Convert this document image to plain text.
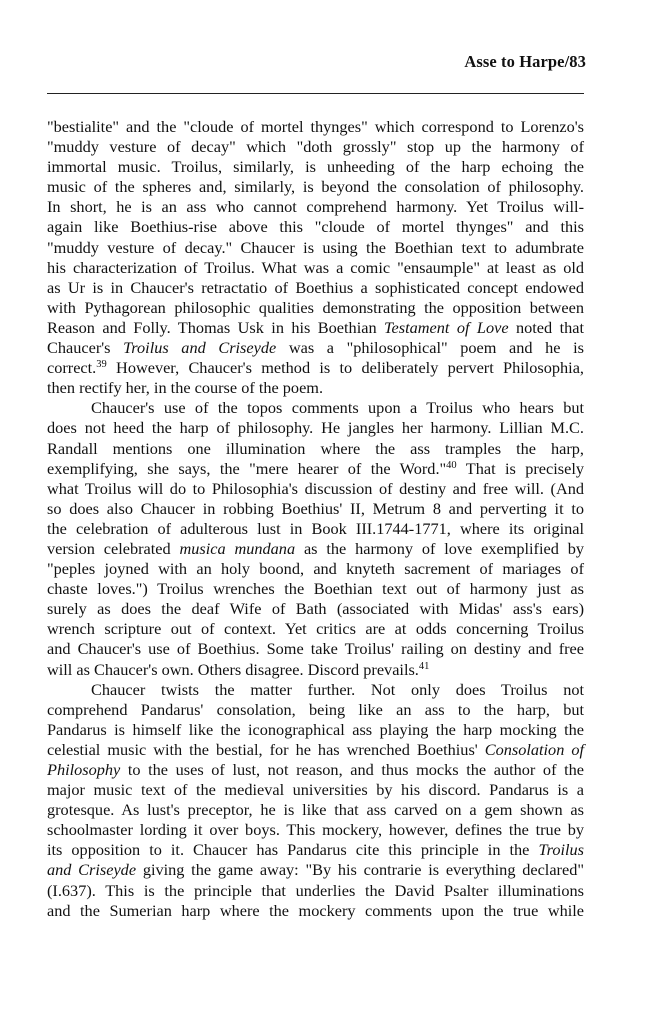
Asse to Harpe/83
"bestialite" and the "cloude of mortel thynges" which correspond to Lorenzo's
"muddy vesture of decay" which "doth grossly" stop up the harmony of
immortal music. Troilus, similarly, is unheeding of the harp echoing the
music of the spheres and, similarly, is beyond the consolation of philosophy.
In short, he is an ass who cannot comprehend harmony. Yet Troilus will-
again like Boethius-rise above this "cloude of mortel thynges" and this
"muddy vesture of decay." Chaucer is using the Boethian text to adumbrate
his characterization of Troilus. What was a comic "ensaumple" at least as old
as Ur is in Chaucer's retractatio of Boethius a sophisticated concept endowed
with Pythagorean philosophic qualities demonstrating the opposition between
Reason and Folly. Thomas Usk in his Boethian Testament of Love noted that
Chaucer's Troilus and Criseyde was a "philosophical" poem and he is
correct.$^{39}$ However, Chaucer's method is to deliberately pervert Philosophia,
then rectify her, in the course of the poem.
Chaucer's use of the topos comments upon a Troilus who hears but
does not heed the harp of philosophy. He jangles her harmony. Lillian M.C.
Randall mentions one illumination where the ass tramples the harp,
exemplifying, she says, the "mere hearer of the Word."$^{40}$ That is precisely
what Troilus will do to Philosophia's discussion of destiny and free will. (And
so does also Chaucer in robbing Boethius' II, Metrum 8 and perverting it to
the celebration of adulterous lust in Book III.1744-1771, where its original
version celebrated musica mundana as the harmony of love exemplified by
"peples joyned with an holy boond, and knyteth sacrement of mariages of
chaste loves.") Troilus wrenches the Boethian text out of harmony just as
surely as does the deaf Wife of Bath (associated with Midas' ass's ears)
wrench scripture out of context. Yet critics are at odds concerning Troilus
and Chaucer's use of Boethius. Some take Troilus' railing on destiny and free
will as Chaucer's own. Others disagree. Discord prevails.$^{41}$
Chaucer twists the matter further. Not only does Troilus not
comprehend Pandarus' consolation, being like an ass to the harp, but
Pandarus is himself like the iconographical ass playing the harp mocking the
celestial music with the bestial, for he has wrenched Boethius' Consolation of
Philosophy to the uses of lust, not reason, and thus mocks the author of the
major music text of the medieval universities by his discord. Pandarus is a
grotesque. As lust's preceptor, he is like that ass carved on a gem shown as
schoolmaster lording it over boys. This mockery, however, defines the true by
its opposition to it. Chaucer has Pandarus cite this principle in the Troilus
and Criseyde giving the game away: "By his contrarie is everything declared"
(I.637). This is the principle that underlies the David Psalter illuminations
and the Sumerian harp where the mockery comments upon the true while
